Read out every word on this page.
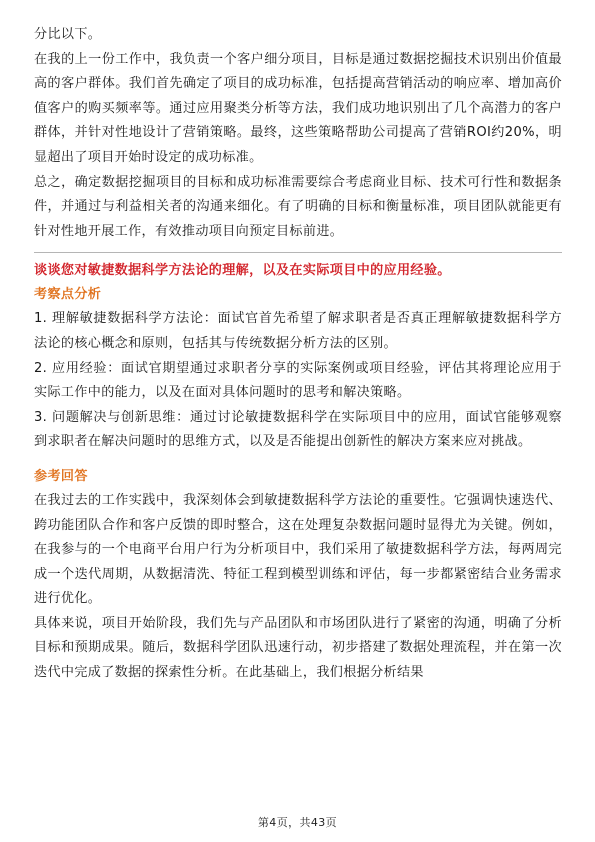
分比以下。

在我的上一份工作中，我负责一个客户细分项目，目标是通过数据挖掘技术识别出价值最高的客户群体。我们首先确定了项目的成功标准，包括提高营销活动的响应率、增加高价值客户的购买频率等。通过应用聚类分析等方法，我们成功地识别出了几个高潜力的客户群体，并针对性地设计了营销策略。最终，这些策略帮助公司提高了营销ROI约20%，明显超出了项目开始时设定的成功标准。

总之，确定数据挖掘项目的目标和成功标准需要综合考虑商业目标、技术可行性和数据条件，并通过与利益相关者的沟通来细化。有了明确的目标和衡量标准，项目团队就能更有针对性地开展工作，有效推动项目向预定目标前进。

谈谈您对敏捷数据科学方法论的理解，以及在实际项目中的应用经验。

考察点分析

1. 理解敏捷数据科学方法论：面试官首先希望了解求职者是否真正理解敏捷数据科学方法论的核心概念和原则，包括其与传统数据分析方法的区别。

2. 应用经验：面试官期望通过求职者分享的实际案例或项目经验，评估其将理论应用于实际工作中的能力，以及在面对具体问题时的思考和解决策略。

3. 问题解决与创新思维：通过讨论敏捷数据科学在实际项目中的应用，面试官能够观察到求职者在解决问题时的思维方式，以及是否能提出创新性的解决方案来应对挑战。

参考回答

在我过去的工作实践中，我深刻体会到敏捷数据科学方法论的重要性。它强调快速迭代、跨功能团队合作和客户反馈的即时整合，这在处理复杂数据问题时显得尤为关键。例如，在我参与的一个电商平台用户行为分析项目中，我们采用了敏捷数据科学方法，每两周完成一个迭代周期，从数据清洗、特征工程到模型训练和评估，每一步都紧密结合业务需求进行优化。

具体来说，项目开始阶段，我们先与产品团队和市场团队进行了紧密的沟通，明确了分析目标和预期成果。随后，数据科学团队迅速行动，初步搭建了数据处理流程，并在第一次迭代中完成了数据的探索性分析。在此基础上，我们根据分析结果

第4页，共43页
